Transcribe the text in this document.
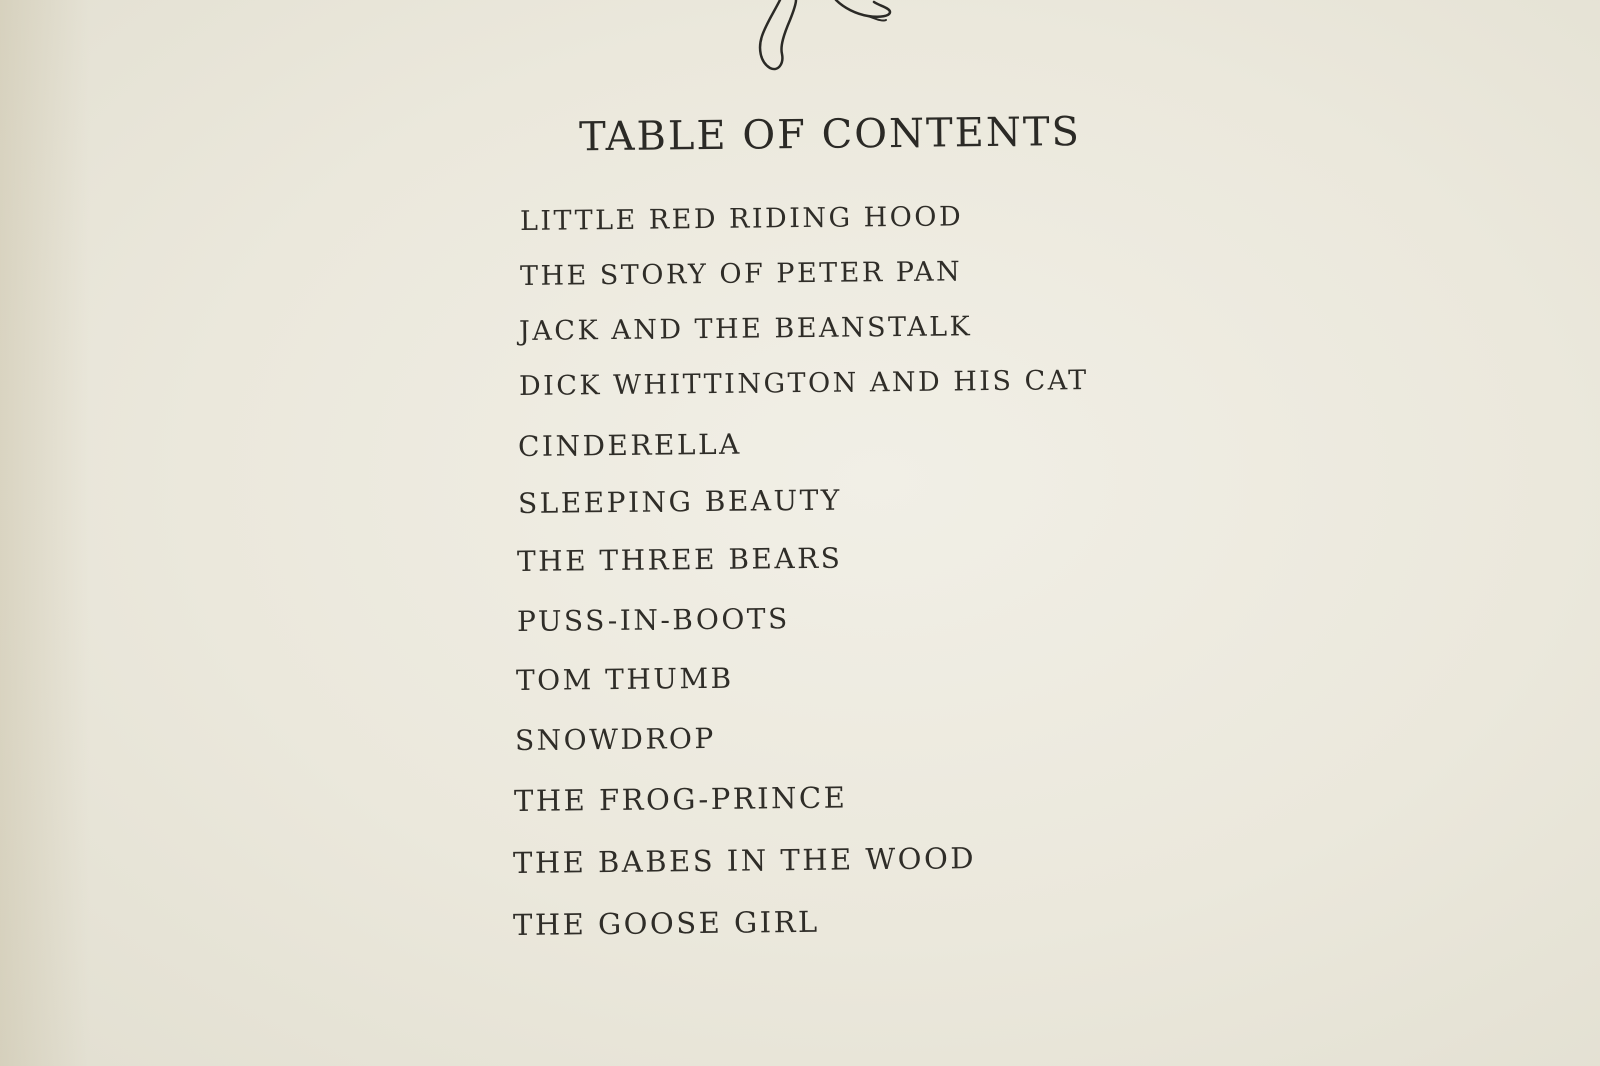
TABLE OF CONTENTS
LITTLE RED RIDING HOOD
THE STORY OF PETER PAN
JACK AND THE BEANSTALK
DICK WHITTINGTON AND HIS CAT
CINDERELLA
SLEEPING BEAUTY
THE THREE BEARS
PUSS-IN-BOOTS
TOM THUMB
SNOWDROP
THE FROG-PRINCE
THE BABES IN THE WOOD
THE GOOSE GIRL
